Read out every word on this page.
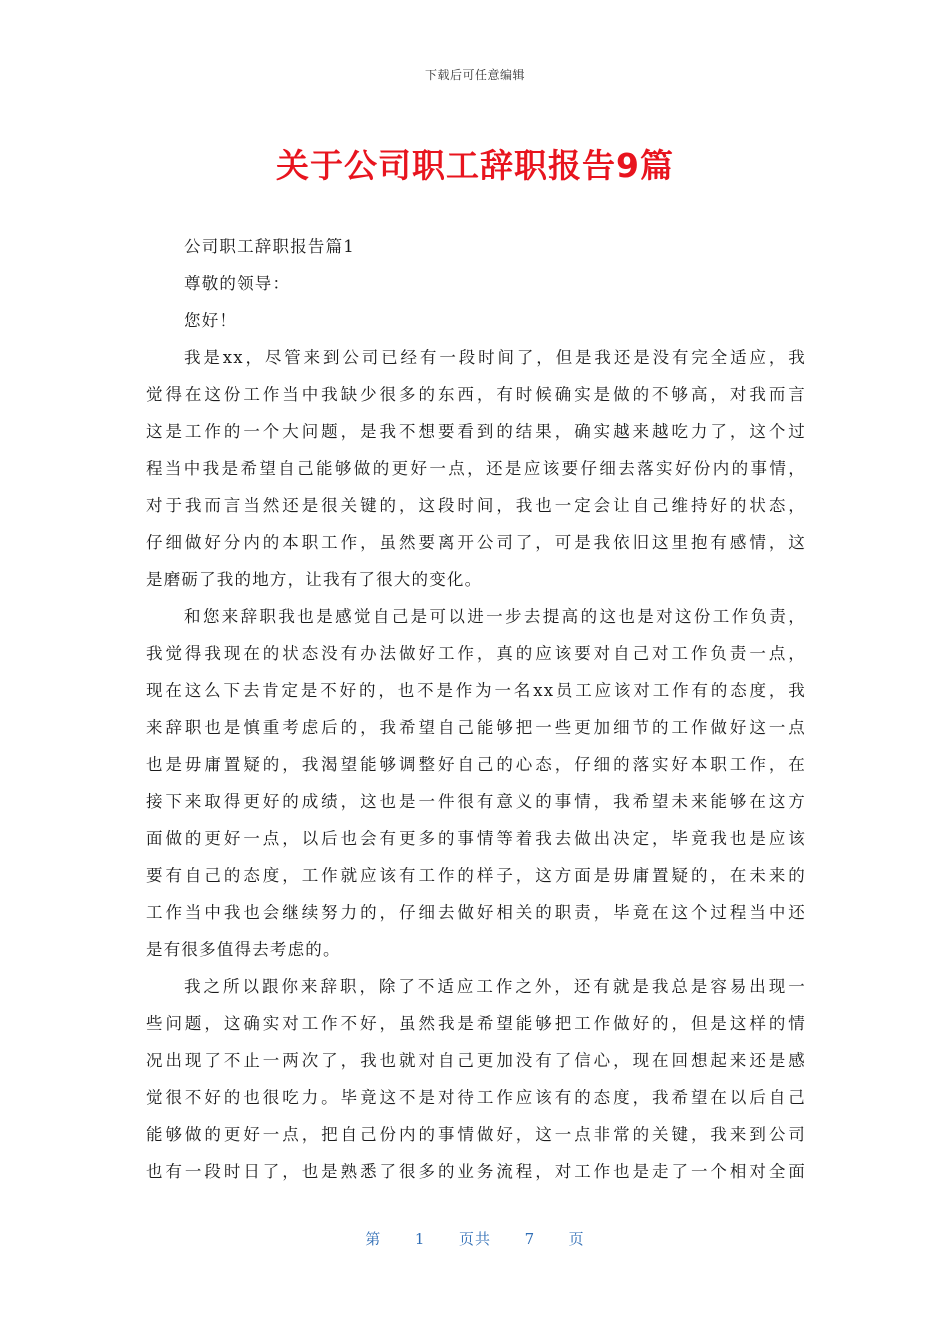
下载后可任意编辑
关于公司职工辞职报告9篇

公司职工辞职报告篇1

尊敬的领导：

您好！

我是xx，尽管来到公司已经有一段时间了，但是我还是没有完全适应，我

觉得在这份工作当中我缺少很多的东西，有时候确实是做的不够高，对我而言

这是工作的一个大问题，是我不想要看到的结果，确实越来越吃力了，这个过

程当中我是希望自己能够做的更好一点，还是应该要仔细去落实好份内的事情，

对于我而言当然还是很关键的，这段时间，我也一定会让自己维持好的状态，

仔细做好分内的本职工作，虽然要离开公司了，可是我依旧这里抱有感情，这

是磨砺了我的地方，让我有了很大的变化。

和您来辞职我也是感觉自己是可以进一步去提高的这也是对这份工作负责，

我觉得我现在的状态没有办法做好工作，真的应该要对自己对工作负责一点，

现在这么下去肯定是不好的，也不是作为一名xx员工应该对工作有的态度，我

来辞职也是慎重考虑后的，我希望自己能够把一些更加细节的工作做好这一点

也是毋庸置疑的，我渴望能够调整好自己的心态，仔细的落实好本职工作，在

接下来取得更好的成绩，这也是一件很有意义的事情，我希望未来能够在这方

面做的更好一点，以后也会有更多的事情等着我去做出决定，毕竟我也是应该

要有自己的态度，工作就应该有工作的样子，这方面是毋庸置疑的，在未来的

工作当中我也会继续努力的，仔细去做好相关的职责，毕竟在这个过程当中还

是有很多值得去考虑的。

我之所以跟你来辞职，除了不适应工作之外，还有就是我总是容易出现一

些问题，这确实对工作不好，虽然我是希望能够把工作做好的，但是这样的情

况出现了不止一两次了，我也就对自己更加没有了信心，现在回想起来还是感

觉很不好的也很吃力。毕竟这不是对待工作应该有的态度，我希望在以后自己

能够做的更好一点，把自己份内的事情做好，这一点非常的关键，我来到公司

也有一段时日了，也是熟悉了很多的业务流程，对工作也是走了一个相对全面

第 1 页共 7 页
